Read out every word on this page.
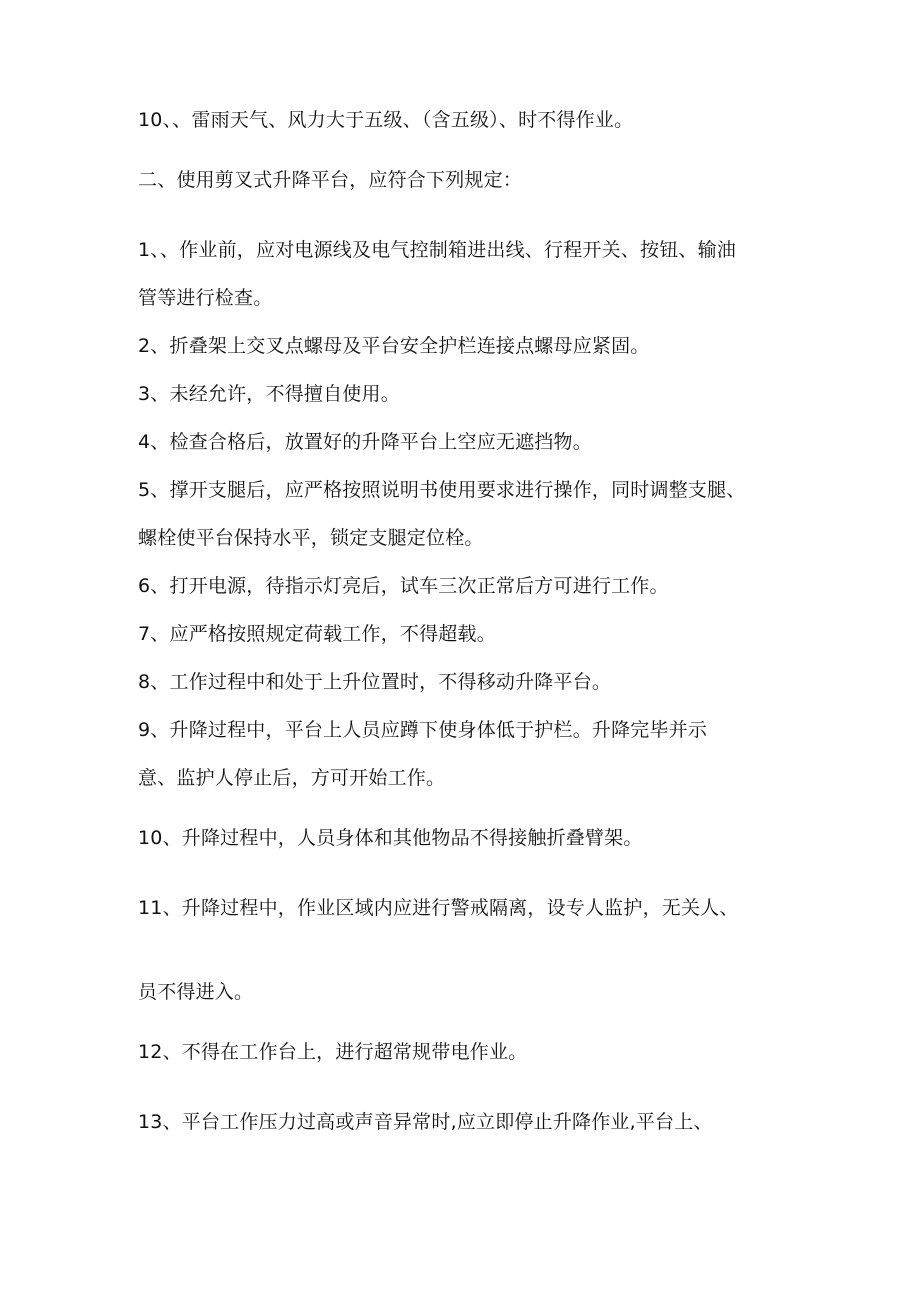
10、、雷雨天气、风力大于五级、（含五级）、时不得作业。

二、使用剪叉式升降平台，应符合下列规定：

1、、作业前，应对电源线及电气控制箱进出线、行程开关、按钮、输油

管等进行检查。

2、折叠架上交叉点螺母及平台安全护栏连接点螺母应紧固。

3、未经允许，不得擅自使用。

4、检查合格后，放置好的升降平台上空应无遮挡物。

5、撑开支腿后，应严格按照说明书使用要求进行操作，同时调整支腿、

螺栓使平台保持水平，锁定支腿定位栓。

6、打开电源，待指示灯亮后，试车三次正常后方可进行工作。

7、应严格按照规定荷载工作，不得超载。

8、工作过程中和处于上升位置时，不得移动升降平台。

9、升降过程中，平台上人员应蹲下使身体低于护栏。升降完毕并示

意、监护人停止后，方可开始工作。

10、升降过程中，人员身体和其他物品不得接触折叠臂架。

11、升降过程中，作业区域内应进行警戒隔离，设专人监护，无关人、

员不得进入。

12、不得在工作台上，进行超常规带电作业。

13、平台工作压力过高或声音异常时,应立即停止升降作业,平台上、
